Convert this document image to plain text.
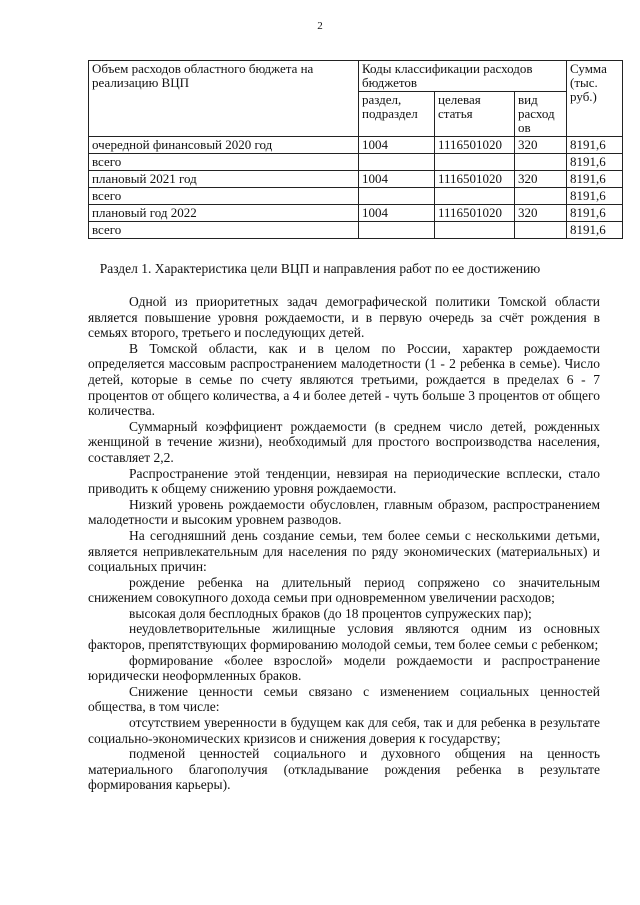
2
Объем расходов областного бюджета на реализацию ВЦП	Коды классификации расходов бюджетов			Сумма (тыс. руб.)
	раздел, подраздел	целевая статья	вид расход ов	
очередной финансовый 2020 год	1004	1116501020	320	8191,6
всего				8191,6
плановый 2021 год	1004	1116501020	320	8191,6
всего				8191,6
плановый год 2022	1004	1116501020	320	8191,6
всего				8191,6
Раздел 1. Характеристика цели ВЦП и направления работ по ее достижению

Одной из приоритетных задач демографической политики Томской области является повышение уровня рождаемости, и в первую очередь за счёт рождения в семьях второго, третьего и последующих детей.

В Томской области, как и в целом по России, характер рождаемости определяется массовым распространением малодетности (1 - 2 ребенка в семье). Число детей, которые в семье по счету являются третьими, рождается в пределах 6 - 7 процентов от общего количества, а 4 и более детей - чуть больше 3 процентов от общего количества.

Суммарный коэффициент рождаемости (в среднем число детей, рожденных женщиной в течение жизни), необходимый для простого воспроизводства населения, составляет 2,2.

Распространение этой тенденции, невзирая на периодические всплески, стало приводить к общему снижению уровня рождаемости.

Низкий уровень рождаемости обусловлен, главным образом, распространением малодетности и высоким уровнем разводов.

На сегодняшний день создание семьи, тем более семьи с несколькими детьми, является непривлекательным для населения по ряду экономических (материальных) и социальных причин:

рождение ребенка на длительный период сопряжено со значительным снижением совокупного дохода семьи при одновременном увеличении расходов;

высокая доля бесплодных браков (до 18 процентов супружеских пар);

неудовлетворительные жилищные условия являются одним из основных факторов, препятствующих формированию молодой семьи, тем более семьи с ребенком;

формирование «более взрослой» модели рождаемости и распространение юридически неоформленных браков.

Снижение ценности семьи связано с изменением социальных ценностей общества, в том числе:

отсутствием уверенности в будущем как для себя, так и для ребенка в результате социально-экономических кризисов и снижения доверия к государству;

подменой ценностей социального и духовного общения на ценность материального благополучия (откладывание рождения ребенка в результате формирования карьеры).
